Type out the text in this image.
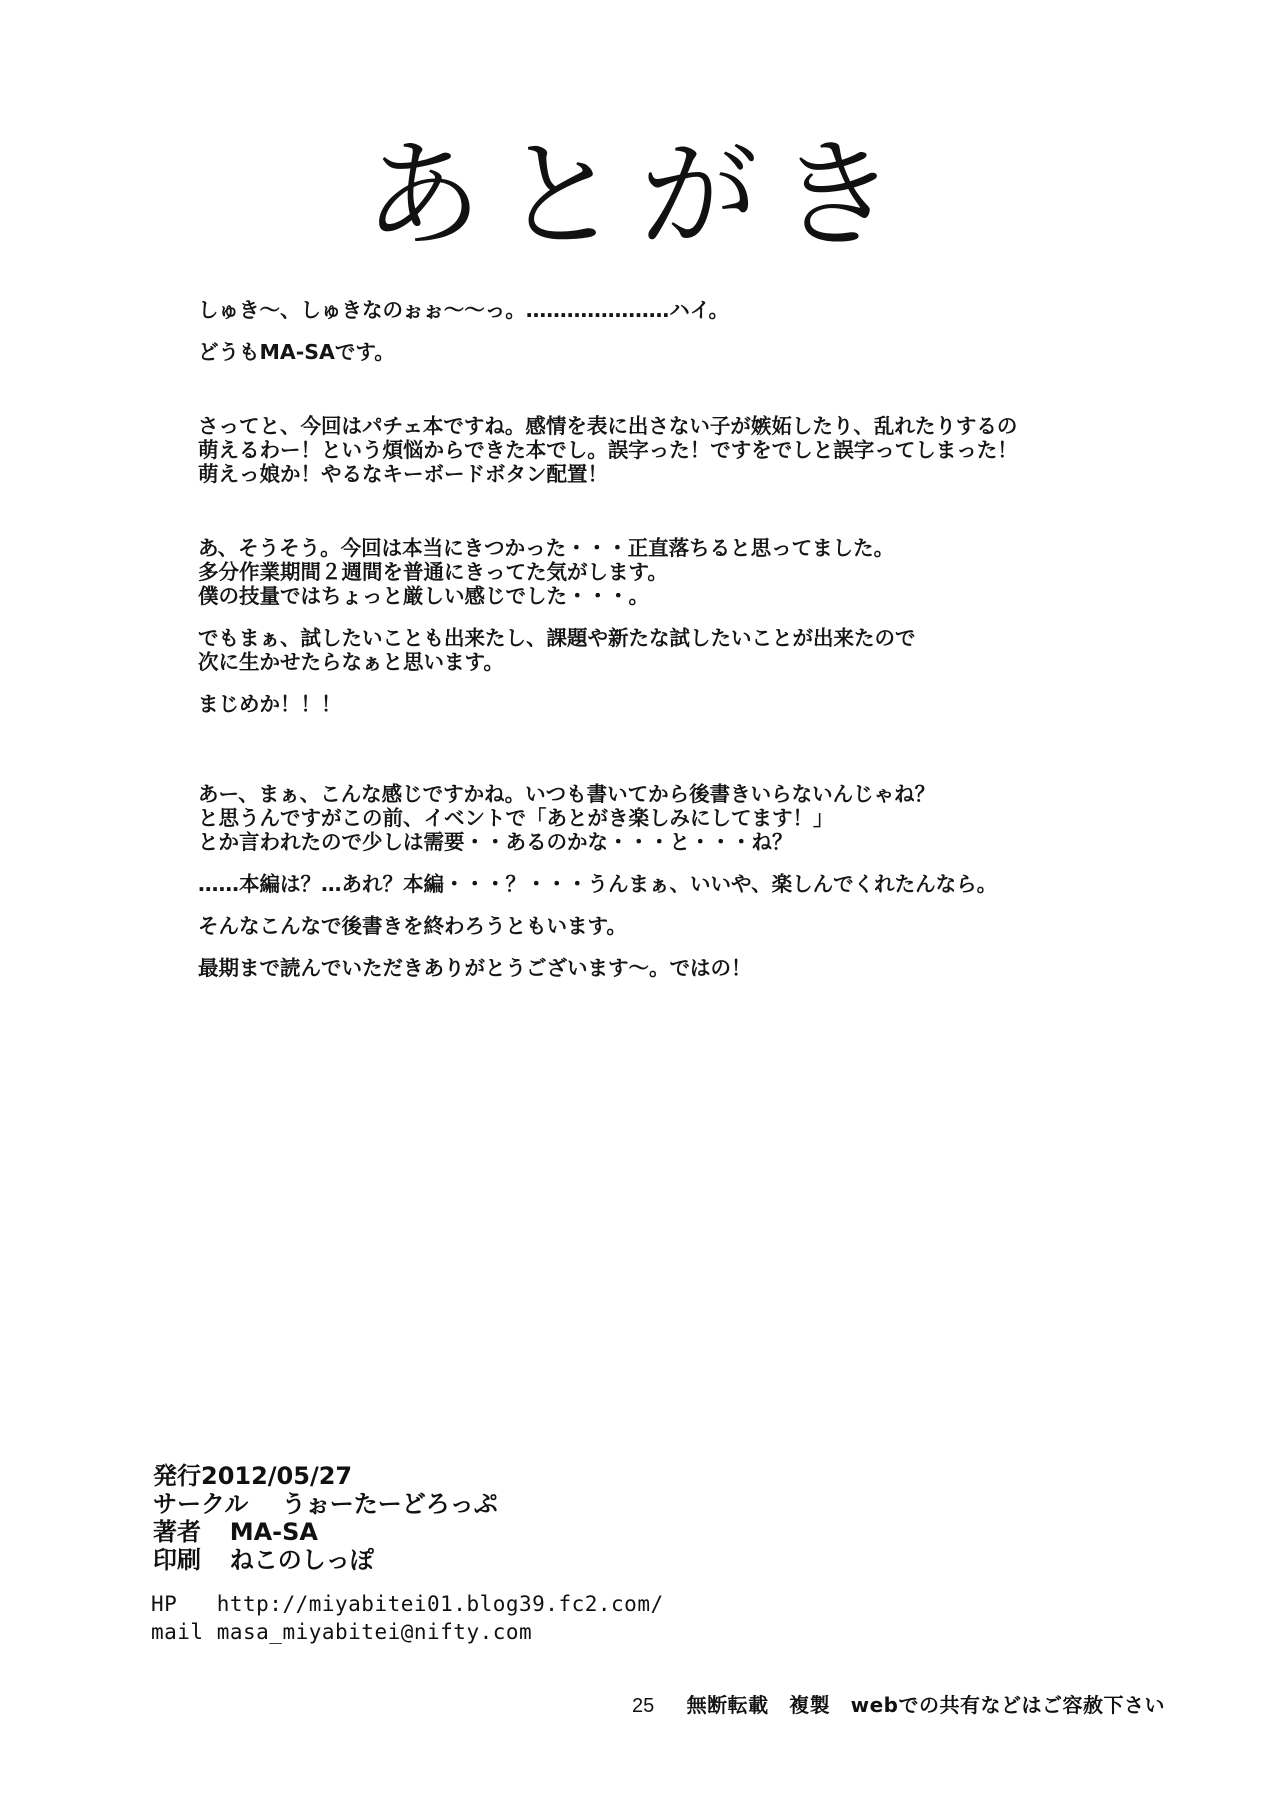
あとがき
しゅき〜、しゅきなのぉぉ〜〜っ。…………………ハイ。
どうもMA-SAです。
さってと、今回はパチェ本ですね。感情を表に出さない子が嫉妬したり、乱れたりするの
萌えるわー！という煩悩からできた本でし。誤字った！ですをでしと誤字ってしまった！
萌えっ娘か！やるなキーボードボタン配置！
あ、そうそう。今回は本当にきつかった・・・正直落ちると思ってました。
多分作業期間２週間を普通にきってた気がします。
僕の技量ではちょっと厳しい感じでした・・・。
でもまぁ、試したいことも出来たし、課題や新たな試したいことが出来たので
次に生かせたらなぁと思います。
まじめか！！！
あー、まぁ、こんな感じですかね。いつも書いてから後書きいらないんじゃね？
と思うんですがこの前、イベントで「あとがき楽しみにしてます！」
とか言われたので少しは需要・・あるのかな・・・と・・・ね？
……本編は？…あれ？本編・・・？・・・うんまぁ、いいや、楽しんでくれたんなら。
そんなこんなで後書きを終わろうともいます。
最期まで読んでいただきありがとうございます〜。ではの！
発行2012/05/27
サークル うぉーたーどろっぷ
著者 MA-SA
印刷 ねこのしっぽ
HP http://miyabitei01.blog39.fc2.com/
mail masa_miyabitei@nifty.com
25 無断転載　複製　webでの共有などはご容赦下さい
